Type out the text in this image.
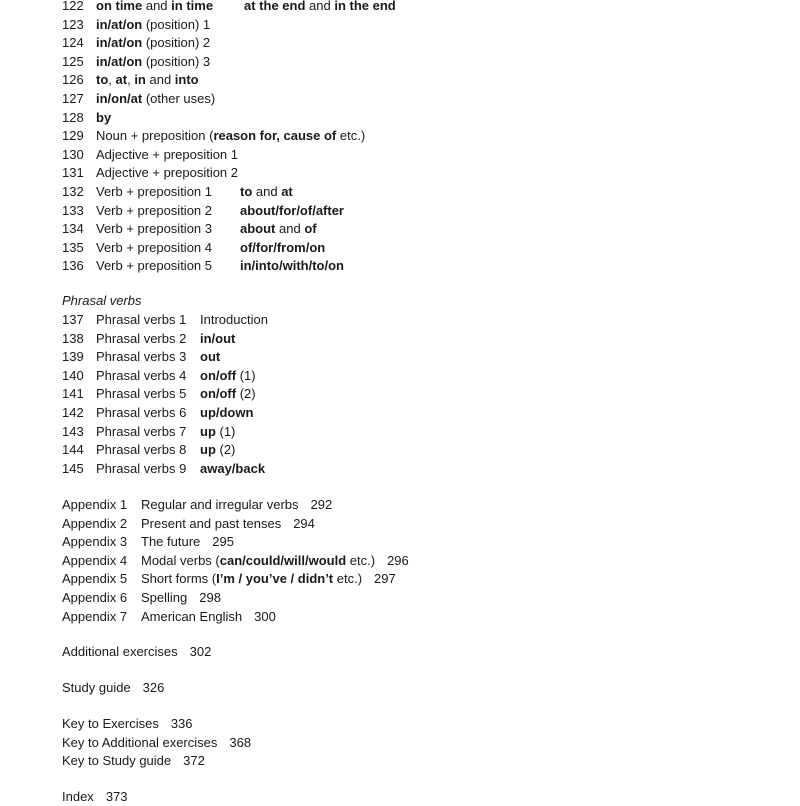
122 on time and in time at the end and in the end
123 in/at/on (position) 1
124 in/at/on (position) 2
125 in/at/on (position) 3
126 to, at, in and into
127 in/on/at (other uses)
128 by
129 Noun + preposition (reason for, cause of etc.)
130 Adjective + preposition 1
131 Adjective + preposition 2
132 Verb + preposition 1 to and at
133 Verb + preposition 2 about/for/of/after
134 Verb + preposition 3 about and of
135 Verb + preposition 4 of/for/from/on
136 Verb + preposition 5 in/into/with/to/on
Phrasal verbs
137 Phrasal verbs 1 Introduction
138 Phrasal verbs 2 in/out
139 Phrasal verbs 3 out
140 Phrasal verbs 4 on/off (1)
141 Phrasal verbs 5 on/off (2)
142 Phrasal verbs 6 up/down
143 Phrasal verbs 7 up (1)
144 Phrasal verbs 8 up (2)
145 Phrasal verbs 9 away/back
Appendix 1 Regular and irregular verbs 292
Appendix 2 Present and past tenses 294
Appendix 3 The future 295
Appendix 4 Modal verbs (can/could/will/would etc.) 296
Appendix 5 Short forms (I’m / you’ve / didn’t etc.) 297
Appendix 6 Spelling 298
Appendix 7 American English 300
Additional exercises 302
Study guide 326
Key to Exercises 336
Key to Additional exercises 368
Key to Study guide 372
Index 373
